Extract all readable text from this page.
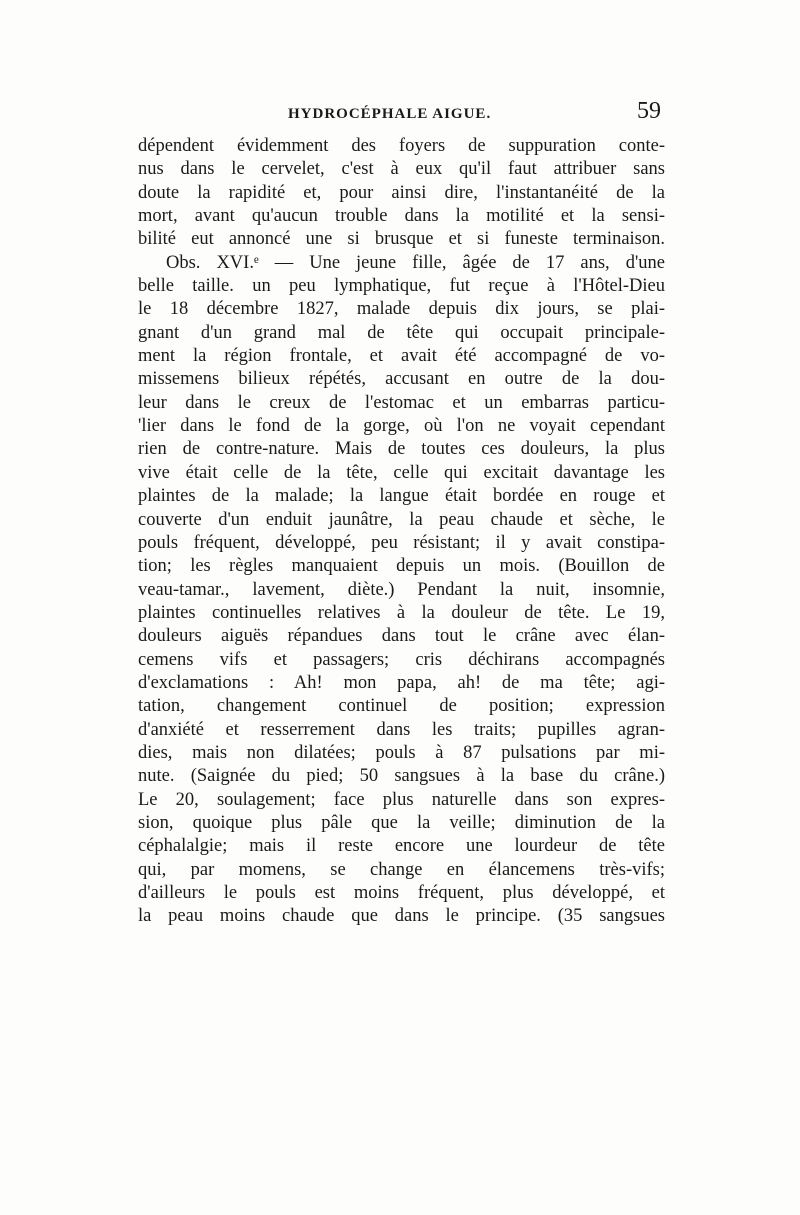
HYDROCÉPHALE AIGUE.	59
dépendent évidemment des foyers de suppuration conte-
nus dans le cervelet, c'est à eux qu'il faut attribuer sans
doute la rapidité et, pour ainsi dire, l'instantanéité de la
mort, avant qu'aucun trouble dans la motilité et la sensi-
bilité eut annoncé une si brusque et si funeste terminaison.
Obs. XVI.ᵉ — Une jeune fille, âgée de 17 ans, d'une
belle taille. un peu lymphatique, fut reçue à l'Hôtel-Dieu
le 18 décembre 1827, malade depuis dix jours, se plai-
gnant d'un grand mal de tête qui occupait principale-
ment la région frontale, et avait été accompagné de vo-
missemens bilieux répétés, accusant en outre de la dou-
leur dans le creux de l'estomac et un embarras particu-
'lier dans le fond de la gorge, où l'on ne voyait cependant
rien de contre-nature. Mais de toutes ces douleurs, la plus
vive était celle de la tête, celle qui excitait davantage les
plaintes de la malade; la langue était bordée en rouge et
couverte d'un enduit jaunâtre, la peau chaude et sèche, le
pouls fréquent, développé, peu résistant; il y avait constipa-
tion; les règles manquaient depuis un mois. (Bouillon de
veau-tamar., lavement, diète.) Pendant la nuit, insomnie,
plaintes continuelles relatives à la douleur de tête. Le 19,
douleurs aiguës répandues dans tout le crâne avec élan-
cemens vifs et passagers; cris déchirans accompagnés
d'exclamations : Ah! mon papa, ah! de ma tête; agi-
tation, changement continuel de position; expression
d'anxiété et resserrement dans les traits; pupilles agran-
dies, mais non dilatées; pouls à 87 pulsations par mi-
nute. (Saignée du pied; 50 sangsues à la base du crâne.)
Le 20, soulagement; face plus naturelle dans son expres-
sion, quoique plus pâle que la veille; diminution de la
céphalalgie; mais il reste encore une lourdeur de tête
qui, par momens, se change en élancemens très-vifs;
d'ailleurs le pouls est moins fréquent, plus développé, et
la peau moins chaude que dans le principe. (35 sangsues
